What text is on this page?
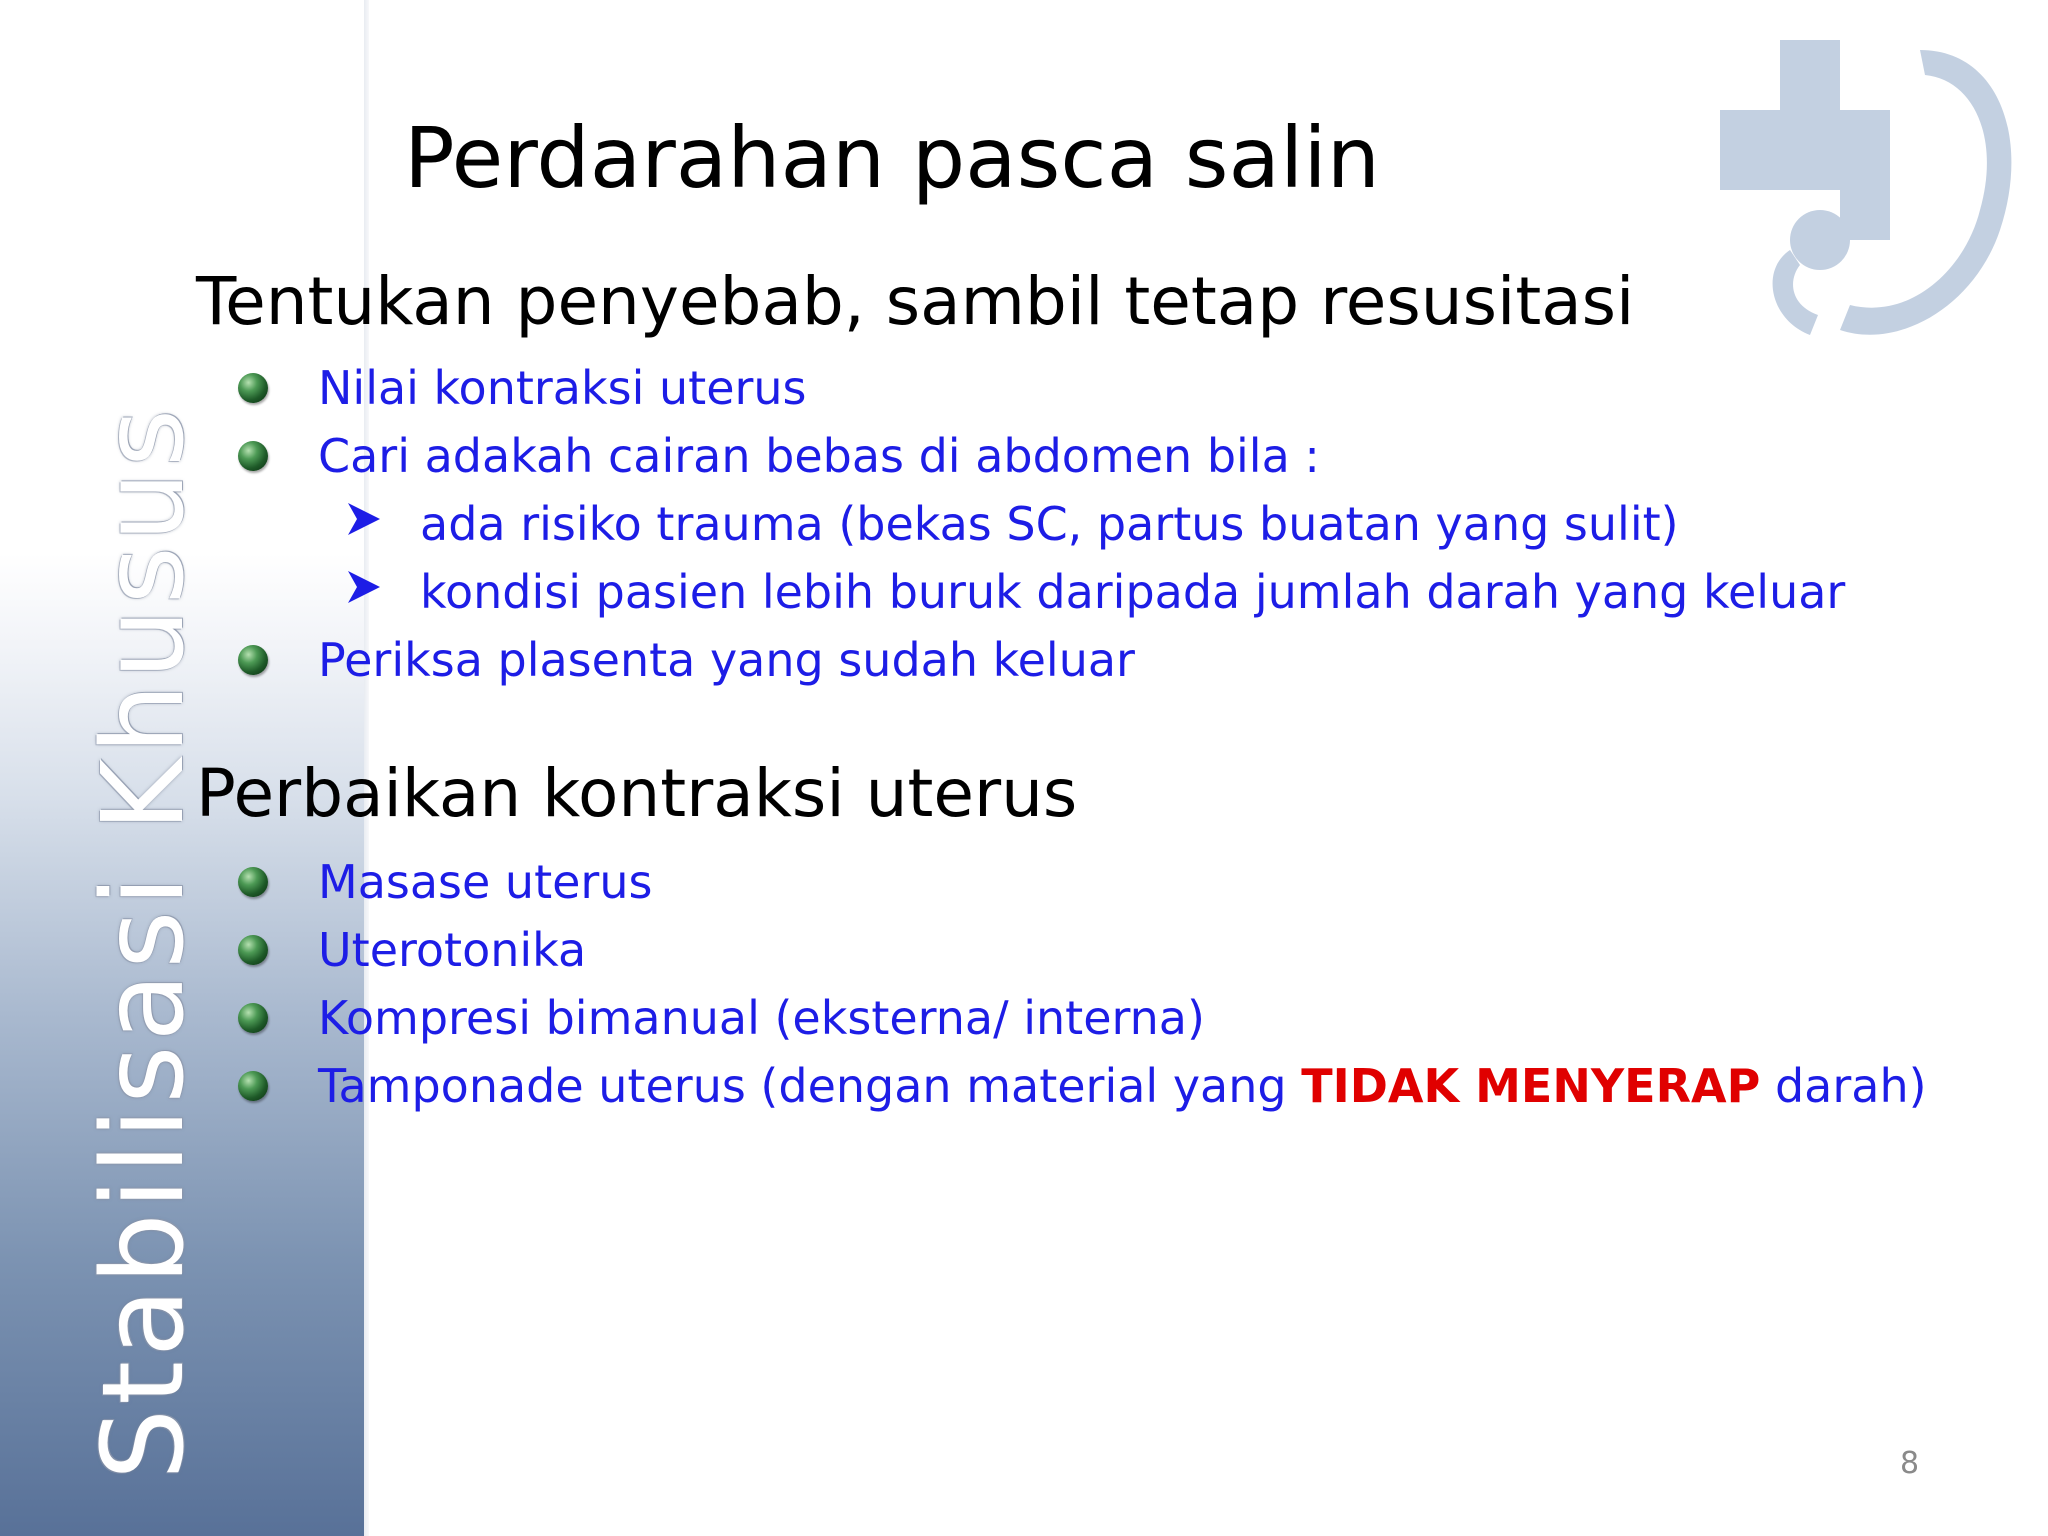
Stabilisasi Khusus
Perdarahan pasca salin
Tentukan penyebab, sambil tetap resusitasi
Nilai kontraksi uterus
Cari adakah cairan bebas di abdomen bila :
ada risiko trauma (bekas SC, partus buatan yang sulit)
kondisi pasien lebih buruk daripada jumlah darah yang keluar
Periksa plasenta yang sudah keluar
Perbaikan kontraksi uterus
Masase uterus
Uterotonika
Kompresi bimanual (eksterna/ interna)
Tamponade uterus (dengan material yang TIDAK MENYERAP darah)
8
